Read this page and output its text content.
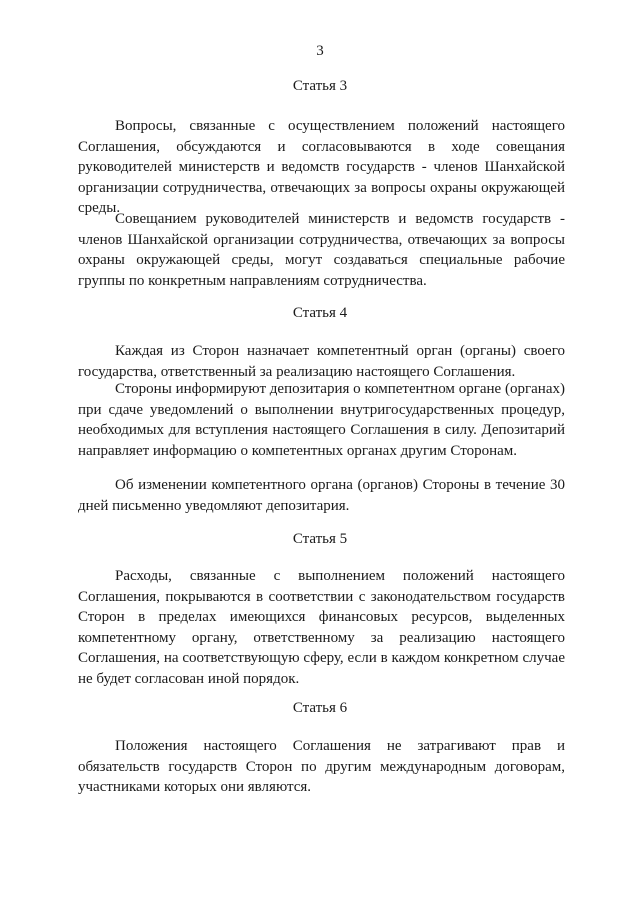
3
Статья 3

Вопросы, связанные с осуществлением положений настоящего Соглашения, обсуждаются и согласовываются в ходе совещания руководителей министерств и ведомств государств - членов Шанхайской организации сотрудничества, отвечающих за вопросы охраны окружающей среды.

Совещанием руководителей министерств и ведомств государств - членов Шанхайской организации сотрудничества, отвечающих за вопросы охраны окружающей среды, могут создаваться специальные рабочие группы по конкретным направлениям сотрудничества.

Статья 4

Каждая из Сторон назначает компетентный орган (органы) своего государства, ответственный за реализацию настоящего Соглашения.

Стороны информируют депозитария о компетентном органе (органах) при сдаче уведомлений о выполнении внутригосударственных процедур, необходимых для вступления настоящего Соглашения в силу. Депозитарий направляет информацию о компетентных органах другим Сторонам.

Об изменении компетентного органа (органов) Стороны в течение 30 дней письменно уведомляют депозитария.

Статья 5

Расходы, связанные с выполнением положений настоящего Соглашения, покрываются в соответствии с законодательством государств Сторон в пределах имеющихся финансовых ресурсов, выделенных компетентному органу, ответственному за реализацию настоящего Соглашения, на соответствующую сферу, если в каждом конкретном случае не будет согласован иной порядок.

Статья 6

Положения настоящего Соглашения не затрагивают прав и обязательств государств Сторон по другим международным договорам, участниками которых они являются.
